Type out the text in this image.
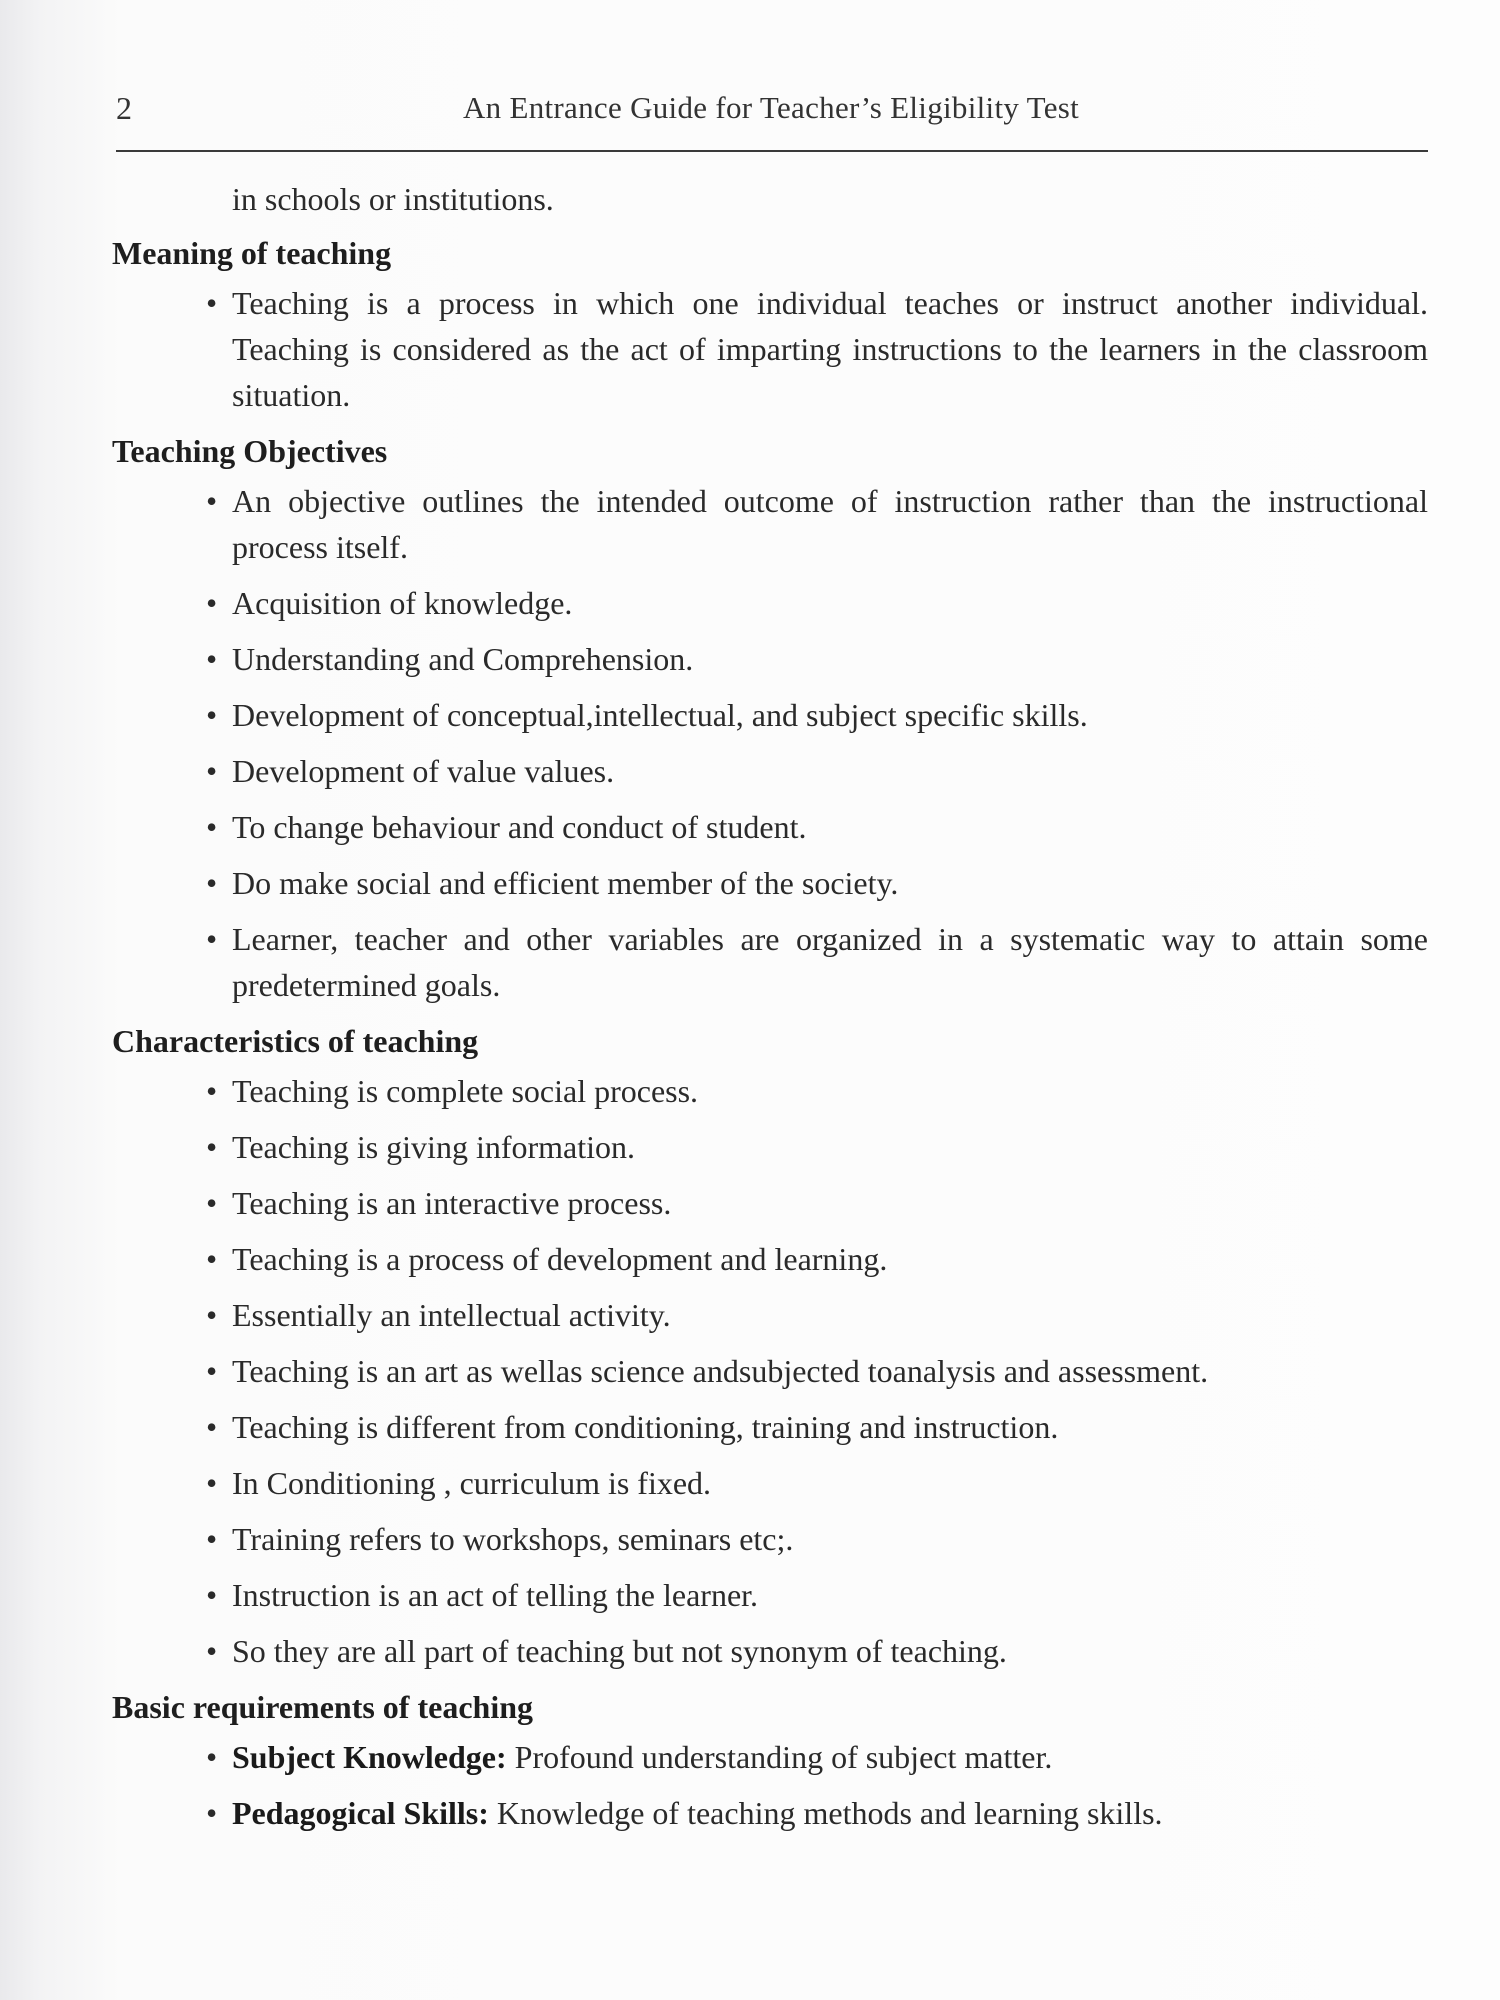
2	An Entrance Guide for Teacher’s Eligibility Test
in schools or institutions.
Meaning of teaching
• Teaching is a process in which one individual teaches or instruct another individual. Teaching is considered as the act of imparting instructions to the learners in the classroom situation.
Teaching Objectives
• An objective outlines the intended outcome of instruction rather than the instructional process itself.
• Acquisition of knowledge.
• Understanding and Comprehension.
• Development of conceptual,intellectual, and subject specific skills.
• Development of value values.
• To change behaviour and conduct of student.
• Do make social and efficient member of the society.
• Learner, teacher and other variables are organized in a systematic way to attain some predetermined goals.
Characteristics of teaching
• Teaching is complete social process.
• Teaching is giving information.
• Teaching is an interactive process.
• Teaching is a process of development and learning.
• Essentially an intellectual activity.
• Teaching is an art as wellas science andsubjected toanalysis and assessment.
• Teaching is different from conditioning, training and instruction.
• In Conditioning , curriculum is fixed.
• Training refers to workshops, seminars etc;.
• Instruction is an act of telling the learner.
• So they are all part of teaching but not synonym of teaching.
Basic requirements of teaching
• Subject Knowledge: Profound understanding of subject matter.
• Pedagogical Skills: Knowledge of teaching methods and learning skills.
